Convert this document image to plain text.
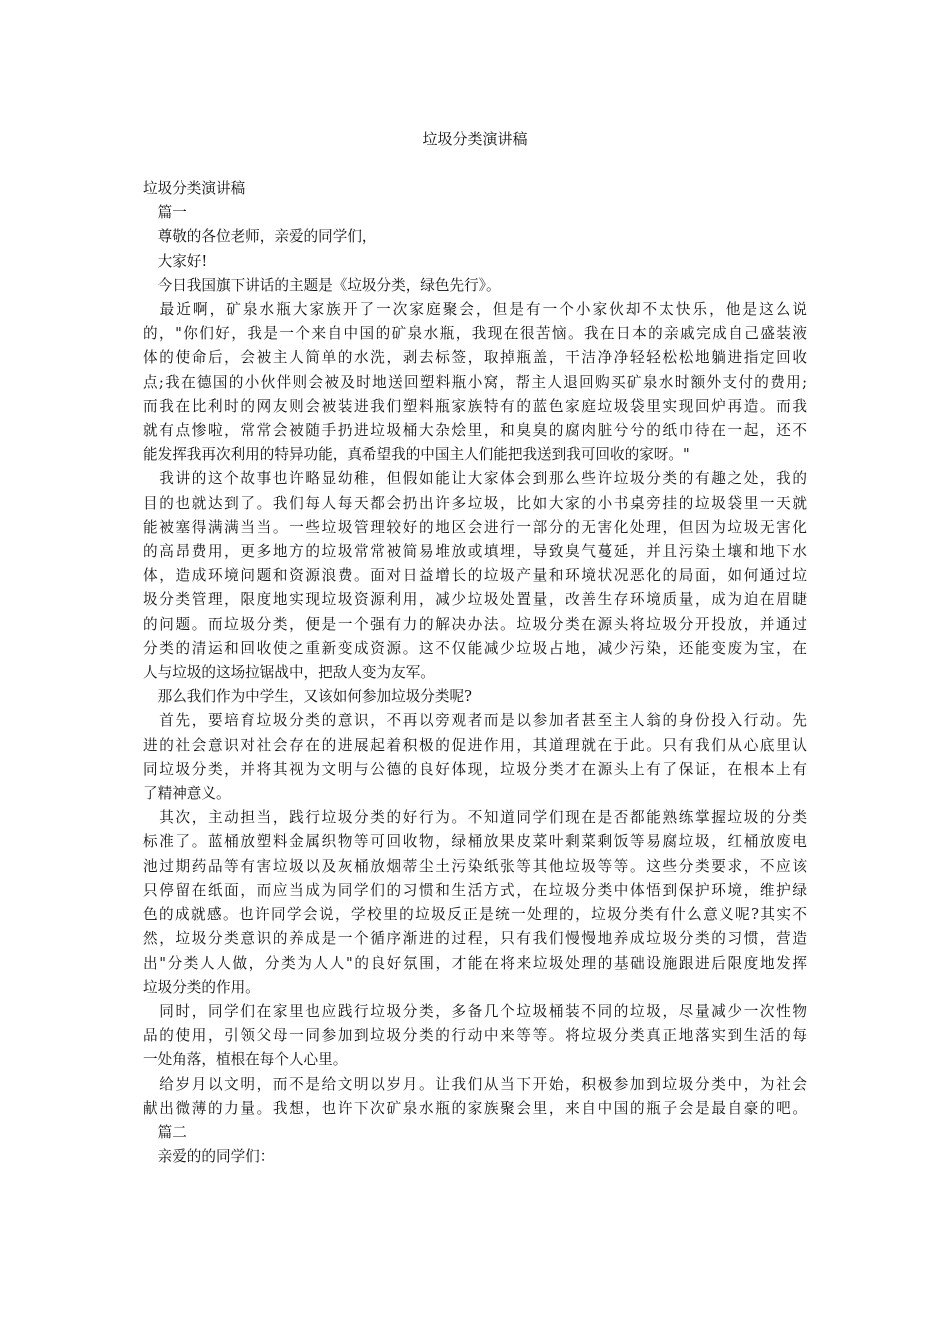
垃圾分类演讲稿
垃圾分类演讲稿
　篇一
　尊敬的各位老师，亲爱的同学们，
　大家好!
　今日我国旗下讲话的主题是《垃圾分类，绿色先行》。
　最近啊，矿泉水瓶大家族开了一次家庭聚会，但是有一个小家伙却不太快乐，他是这么说
的，"你们好，我是一个来自中国的矿泉水瓶，我现在很苦恼。我在日本的亲戚完成自己盛装液
体的使命后，会被主人简单的水洗，剥去标签，取掉瓶盖，干洁净净轻轻松松地躺进指定回收
点;我在德国的小伙伴则会被及时地送回塑料瓶小窝，帮主人退回购买矿泉水时额外支付的费用;
而我在比利时的网友则会被装进我们塑料瓶家族特有的蓝色家庭垃圾袋里实现回炉再造。而我
就有点惨啦，常常会被随手扔进垃圾桶大杂烩里，和臭臭的腐肉脏兮兮的纸巾待在一起，还不
能发挥我再次利用的特异功能，真希望我的中国主人们能把我送到我可回收的家呀。"
　我讲的这个故事也许略显幼稚，但假如能让大家体会到那么些许垃圾分类的有趣之处，我的
目的也就达到了。我们每人每天都会扔出许多垃圾，比如大家的小书桌旁挂的垃圾袋里一天就
能被塞得满满当当。一些垃圾管理较好的地区会进行一部分的无害化处理，但因为垃圾无害化
的高昂费用，更多地方的垃圾常常被简易堆放或填埋，导致臭气蔓延，并且污染土壤和地下水
体，造成环境问题和资源浪费。面对日益增长的垃圾产量和环境状况恶化的局面，如何通过垃
圾分类管理，限度地实现垃圾资源利用，减少垃圾处置量，改善生存环境质量，成为迫在眉睫
的问题。而垃圾分类，便是一个强有力的解决办法。垃圾分类在源头将垃圾分开投放，并通过
分类的清运和回收使之重新变成资源。这不仅能减少垃圾占地，减少污染，还能变废为宝，在
人与垃圾的这场拉锯战中，把敌人变为友军。
　那么我们作为中学生，又该如何参加垃圾分类呢?
　首先，要培育垃圾分类的意识，不再以旁观者而是以参加者甚至主人翁的身份投入行动。先
进的社会意识对社会存在的进展起着积极的促进作用，其道理就在于此。只有我们从心底里认
同垃圾分类，并将其视为文明与公德的良好体现，垃圾分类才在源头上有了保证，在根本上有
了精神意义。
　其次，主动担当，践行垃圾分类的好行为。不知道同学们现在是否都能熟练掌握垃圾的分类
标准了。蓝桶放塑料金属织物等可回收物，绿桶放果皮菜叶剩菜剩饭等易腐垃圾，红桶放废电
池过期药品等有害垃圾以及灰桶放烟蒂尘土污染纸张等其他垃圾等等。这些分类要求，不应该
只停留在纸面，而应当成为同学们的习惯和生活方式，在垃圾分类中体悟到保护环境，维护绿
色的成就感。也许同学会说，学校里的垃圾反正是统一处理的，垃圾分类有什么意义呢?其实不
然，垃圾分类意识的养成是一个循序渐进的过程，只有我们慢慢地养成垃圾分类的习惯，营造
出"分类人人做，分类为人人"的良好氛围，才能在将来垃圾处理的基础设施跟进后限度地发挥
垃圾分类的作用。
　同时，同学们在家里也应践行垃圾分类，多备几个垃圾桶装不同的垃圾，尽量减少一次性物
品的使用，引领父母一同参加到垃圾分类的行动中来等等。将垃圾分类真正地落实到生活的每
一处角落，植根在每个人心里。
　给岁月以文明，而不是给文明以岁月。让我们从当下开始，积极参加到垃圾分类中，为社会
献出微薄的力量。我想，也许下次矿泉水瓶的家族聚会里，来自中国的瓶子会是最自豪的吧。
　篇二
　亲爱的的同学们：
